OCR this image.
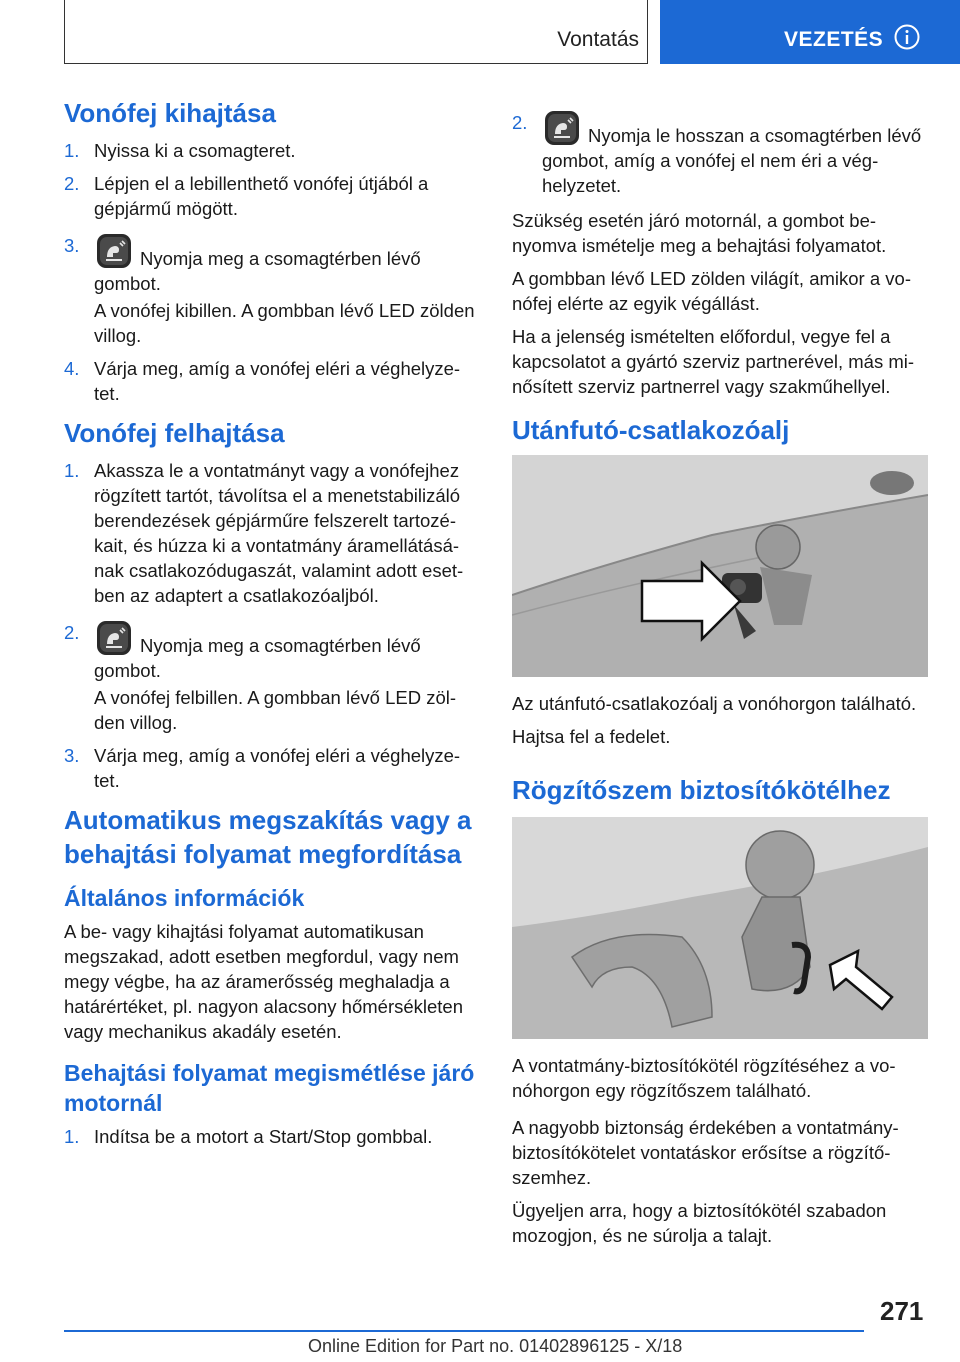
Vontatás	VEZETÉS
Vonófej kihajtása
1. Nyissa ki a csomagteret.
2. Lépjen el a lebillenthető vonófej útjából a gépjármű mögött.
3.
Nyomja meg a csomagtérben lévő gombot.

A vonófej kibillen. A gombban lévő LED zölden villog.

4. Várja meg, amíg a vonófej eléri a véghelyzetet.
Vonófej felhajtása
1. Akassza le a vontatmányt vagy a vonófejhez rögzített tartót, távolítsa el a menetstabilizáló berendezések gépjárműre felszerelt tartozékait, és húzza ki a vontatmány áramellátásának csatlakozódugaszát, valamint adott esetben az adaptert a csatlakozóaljból.
2.
Nyomja meg a csomagtérben lévő gombot.

A vonófej felbillen. A gombban lévő LED zölden villog.

3. Várja meg, amíg a vonófej eléri a véghelyzetet.
Automatikus megszakítás vagy a behajtási folyamat megfordítása
Általános információk

A be- vagy kihajtási folyamat automatikusan megszakad, adott esetben megfordul, vagy nem megy végbe, ha az áramerősség meghaladja a határértéket, pl. nagyon alacsony hőmérsékleten vagy mechanikus akadály esetén.

Behajtási folyamat megismétlése járó motornál
1. Indítsa be a motort a Start/Stop gombbal.
2.
Nyomja le hosszan a csomagtérben lévő gombot, amíg a vonófej el nem éri a véghelyzetet.

Szükség esetén járó motornál, a gombot benyomva ismételje meg a behajtási folyamatot.

A gombban lévő LED zölden világít, amikor a vonófej elérte az egyik végállást.

Ha a jelenség ismételten előfordul, vegye fel a kapcsolatot a gyártó szerviz partnerével, más minősített szerviz partnerrel vagy szakműhellyel.

Utánfutó-csatlakozóalj

Az utánfutó-csatlakozóalj a vonóhorgon található.

Hajtsa fel a fedelet.

Rögzítőszem biztosítókötélhez

A vontatmány-biztosítókötél rögzítéséhez a vonóhorgon egy rögzítőszem található.

A nagyobb biztonság érdekében a vontatmány-biztosítókötelet vontatáskor erősítse a rögzítőszemhez.

Ügyeljen arra, hogy a biztosítókötél szabadon mozogjon, és ne súrolja a talajt.

271
Online Edition for Part no. 01402896125 - X/18
